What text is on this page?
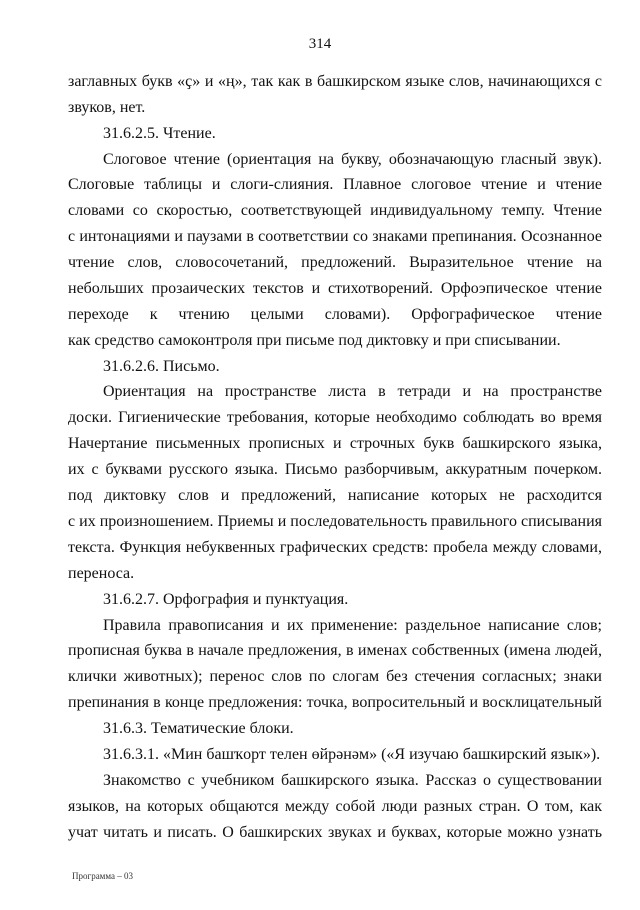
314
заглавных букв «ҫ» и «ң», так как в башкирском языке слов, начинающихся с
звуков, нет.
31.6.2.5. Чтение.
Слоговое чтение (ориентация на букву, обозначающую гласный звук).
Слоговые таблицы и слоги-слияния. Плавное слоговое чтение и чтение
словами со скоростью, соответствующей индивидуальному темпу. Чтение
с интонациями и паузами в соответствии со знаками препинания. Осознанное
чтение слов, словосочетаний, предложений. Выразительное чтение на
небольших прозаических текстов и стихотворений. Орфоэпическое чтение
переходе к чтению целыми словами). Орфографическое чтение
как средство самоконтроля при письме под диктовку и при списывании.
31.6.2.6. Письмо.
Ориентация на пространстве листа в тетради и на пространстве
доски. Гигиенические требования, которые необходимо соблюдать во время
Начертание письменных прописных и строчных букв башкирского языка,
их с буквами русского языка. Письмо разборчивым, аккуратным почерком.
под диктовку слов и предложений, написание которых не расходится
с их произношением. Приемы и последовательность правильного списывания
текста. Функция небуквенных графических средств: пробела между словами,
переноса.
31.6.2.7. Орфография и пунктуация.
Правила правописания и их применение: раздельное написание слов;
прописная буква в начале предложения, в именах собственных (имена людей,
клички животных); перенос слов по слогам без стечения согласных; знаки
препинания в конце предложения: точка, вопросительный и восклицательный
31.6.3. Тематические блоки.
31.6.3.1. «Мин башҡорт телен өйрәнәм» («Я изучаю башкирский язык»).
Знакомство с учебником башкирского языка. Рассказ о существовании
языков, на которых общаются между собой люди разных стран. О том, как
учат читать и писать. О башкирских звуках и буквах, которые можно узнать
Программа – 03
